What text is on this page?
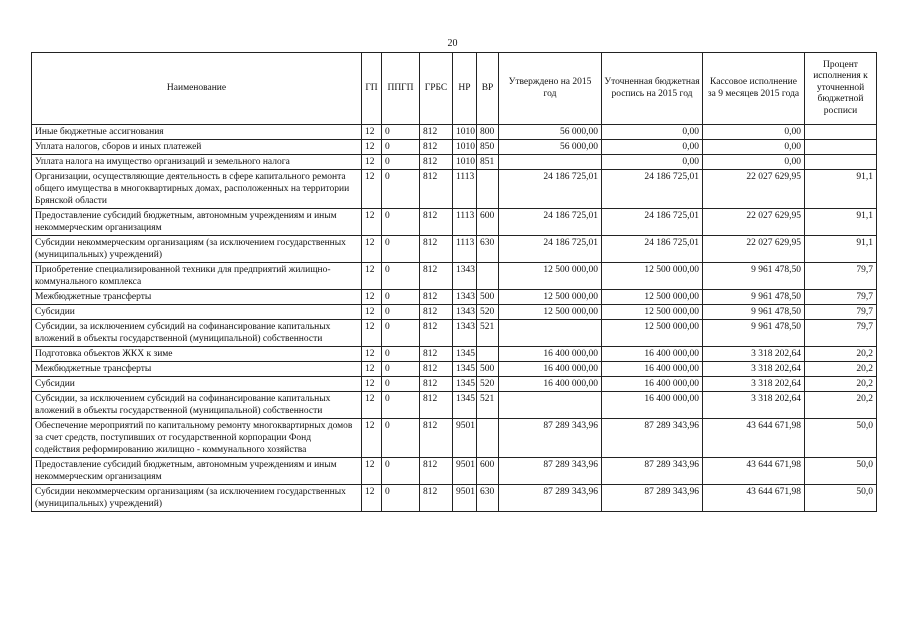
20
Наименование	ГП	ППГП	ГРБС	НР	ВР	Утверждено на 2015 год	Уточненная бюджетная роспись на 2015 год	Кассовое исполнение за 9 месяцев 2015 года	Процент исполнения к уточненной бюджетной росписи
Иные бюджетные ассигнования	12	0	812	1010	800	56 000,00	0,00	0,00	
Уплата налогов, сборов и иных платежей	12	0	812	1010	850	56 000,00	0,00	0,00	
Уплата налога на имущество организаций и земельного налога	12	0	812	1010	851		0,00	0,00	
Организации, осуществляющие деятельность в сфере капитального ремонта общего имущества в многоквартирных домах, расположенных на территории Брянской области	12	0	812	1113		24 186 725,01	24 186 725,01	22 027 629,95	91,1
Предоставление субсидий бюджетным, автономным учреждениям и иным некоммерческим организациям	12	0	812	1113	600	24 186 725,01	24 186 725,01	22 027 629,95	91,1
Субсидии некоммерческим организациям (за исключением государственных (муниципальных) учреждений)	12	0	812	1113	630	24 186 725,01	24 186 725,01	22 027 629,95	91,1
Приобретение специализированной техники для предприятий жилищно-коммунального комплекса	12	0	812	1343		12 500 000,00	12 500 000,00	9 961 478,50	79,7
Межбюджетные трансферты	12	0	812	1343	500	12 500 000,00	12 500 000,00	9 961 478,50	79,7
Субсидии	12	0	812	1343	520	12 500 000,00	12 500 000,00	9 961 478,50	79,7
Субсидии, за исключением субсидий на софинансирование капитальных вложений в объекты государственной (муниципальной) собственности	12	0	812	1343	521		12 500 000,00	9 961 478,50	79,7
Подготовка объектов ЖКХ к зиме	12	0	812	1345		16 400 000,00	16 400 000,00	3 318 202,64	20,2
Межбюджетные трансферты	12	0	812	1345	500	16 400 000,00	16 400 000,00	3 318 202,64	20,2
Субсидии	12	0	812	1345	520	16 400 000,00	16 400 000,00	3 318 202,64	20,2
Субсидии, за исключением субсидий на софинансирование капитальных вложений в объекты государственной (муниципальной) собственности	12	0	812	1345	521		16 400 000,00	3 318 202,64	20,2
Обеспечение мероприятий по капитальному ремонту многоквартирных домов за счет средств, поступивших от государственной корпорации Фонд содействия реформированию жилищно - коммунального хозяйства	12	0	812	9501		87 289 343,96	87 289 343,96	43 644 671,98	50,0
Предоставление субсидий бюджетным, автономным учреждениям и иным некоммерческим организациям	12	0	812	9501	600	87 289 343,96	87 289 343,96	43 644 671,98	50,0
Субсидии некоммерческим организациям (за исключением государственных (муниципальных) учреждений)	12	0	812	9501	630	87 289 343,96	87 289 343,96	43 644 671,98	50,0
